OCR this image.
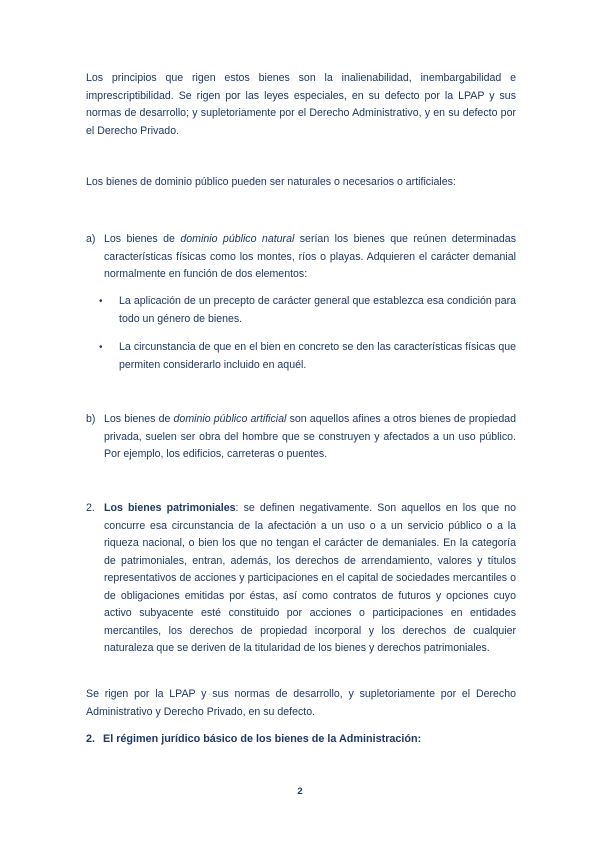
Los principios que rigen estos bienes son la inalienabilidad, inembargabilidad e imprescriptibilidad. Se rigen por las leyes especiales, en su defecto por la LPAP y sus normas de desarrollo; y supletoriamente por el Derecho Administrativo, y en su defecto por el Derecho Privado.

Los bienes de dominio público pueden ser naturales o necesarios o artificiales:

a) Los bienes de dominio público natural serían los bienes que reúnen determinadas características físicas como los montes, ríos o playas. Adquieren el carácter demanial normalmente en función de dos elementos:

• La aplicación de un precepto de carácter general que establezca esa condición para todo un género de bienes.

• La circunstancia de que en el bien en concreto se den las características físicas que permiten considerarlo incluido en aquél.

b) Los bienes de dominio público artificial son aquellos afines a otros bienes de propiedad privada, suelen ser obra del hombre que se construyen y afectados a un uso público. Por ejemplo, los edificios, carreteras o puentes.

2. Los bienes patrimoniales: se definen negativamente. Son aquellos en los que no concurre esa circunstancia de la afectación a un uso o a un servicio público o a la riqueza nacional, o bien los que no tengan el carácter de demaniales. En la categoría de patrimoniales, entran, además, los derechos de arrendamiento, valores y títulos representativos de acciones y participaciones en el capital de sociedades mercantiles o de obligaciones emitidas por éstas, así como contratos de futuros y opciones cuyo activo subyacente esté constituido por acciones o participaciones en entidades mercantiles, los derechos de propiedad incorporal y los derechos de cualquier naturaleza que se deriven de la titularidad de los bienes y derechos patrimoniales.

Se rigen por la LPAP y sus normas de desarrollo, y supletoriamente por el Derecho Administrativo y Derecho Privado, en su defecto.

2. El régimen jurídico básico de los bienes de la Administración:
2
